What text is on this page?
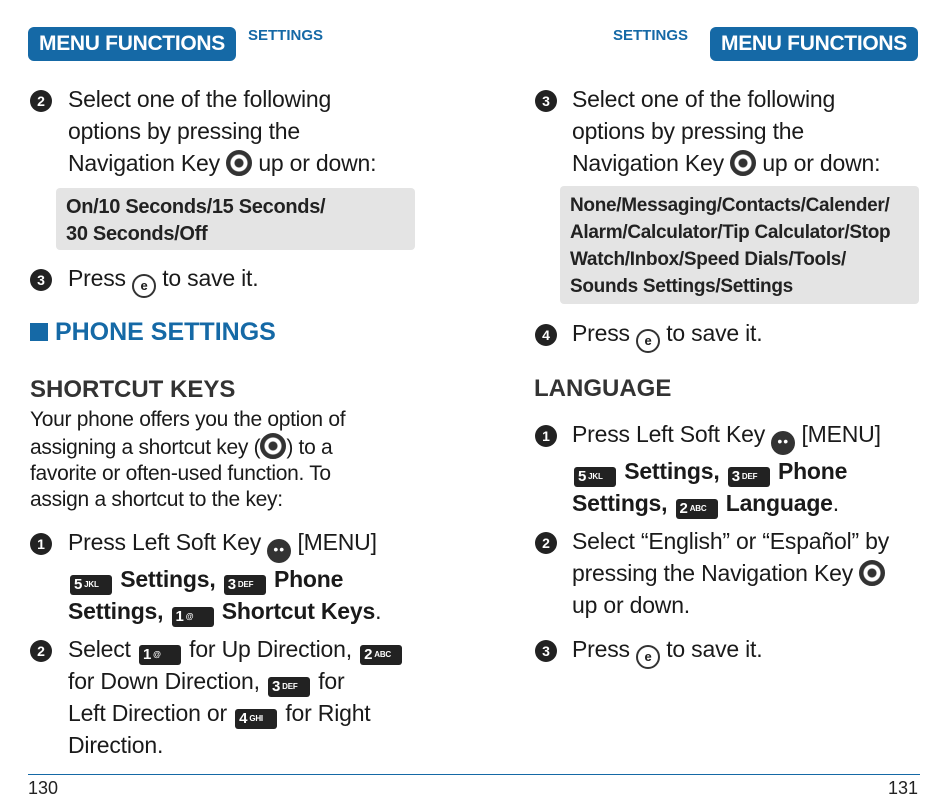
MENU FUNCTIONS	SETTINGS
2	Select one of the following
options by pressing the
Navigation Key up or down:
On/10 Seconds/15 Seconds/
30 Seconds/Off
3	Press e to save it.
PHONE SETTINGS
SHORTCUT KEYS
Your phone offers you the option of
assigning a shortcut key ( ) to a
favorite or often-used function. To
assign a shortcut to the key:
1	Press Left Soft Key •• [MENU]
5 JKL Settings, 3 DEF Phone
Settings, 1 @ Shortcut Keys.
2	Select 1 @ for Up Direction, 2 ABC
for Down Direction, 3 DEF for
Left Direction or 4 GHI for Right
Direction.
SETTINGS	MENU FUNCTIONS
3 Select one of the following
options by pressing the
Navigation Key up or down:
None/Messaging/Contacts/Calender/
Alarm/Calculator/Tip Calculator/Stop
Watch/Inbox/Speed Dials/Tools/
Sounds Settings/Settings
4 Press e to save it.
LANGUAGE
1 Press Left Soft Key •• [MENU]
5 JKL Settings, 3 DEF Phone
Settings, 2 ABC Language.
2 Select “English” or “Español” by
pressing the Navigation Key
up or down.
3 Press e to save it.
130	131
